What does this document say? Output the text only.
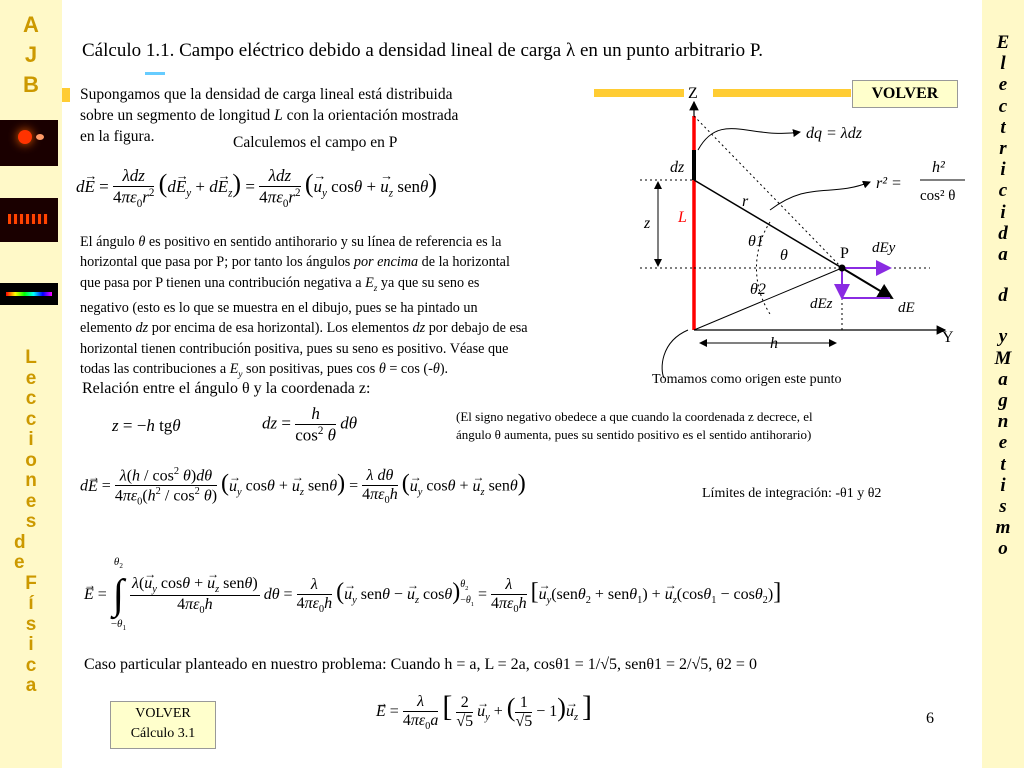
A
J
B
L
e
c
c
i
o
n
e
s
d
e
F
í
s
i
c
a
E
l
e
c
t
r
i
c
i
d
a
d
y
M
a
g
n
e
t
i
s
m
o
Cálculo 1.1. Campo eléctrico debido a densidad lineal de carga λ en un punto arbitrario P.
VOLVER
Supongamos que la densidad de carga lineal está distribuida
sobre un segmento de longitud L con la orientación mostrada
en la figura.	Calculemos el campo en P
d→ E =
λdz
$4\pi\varepsilon_0r^2$ $(d\to E_y + d\to E_z)$ =
λdz
$4\pi\varepsilon_0r^2$ (→ $u_y$ cosθ + → $u_z$ senθ)
El ángulo θ es positivo en sentido antihorario y su línea de referencia es la
horizontal que pasa por P; por tanto los ángulos por encima de la horizontal
que pasa por P tienen una contribución negativa a $E_z$ ya que su seno es
negativo (esto es lo que se muestra en el dibujo, pues se ha pintado un
elemento dz por encima de esa horizontal). Los elementos dz por debajo de esa
horizontal tienen contribución positiva, pues su seno es positivo. Véase que
todas las contribuciones a $E_y$ son positivas, pues cos θ = cos (-θ).
Relación entre el ángulo θ y la coordenada z:
z = −h tgθ	dz = $\frac{h}{\cos^2 \theta}$ dθ	(El signo negativo obedece a que cuando la coordenada z decrece, el
ángulo θ aumenta, pues su sentido positivo es el sentido antihorario)
$d\to E = \frac{\lambda(h / \cos^2 \theta)d\theta}{4\pi\varepsilon_0(h^2 / \cos^2 \theta)}$ (→ $u_y$ cosθ + → $u_z$ $sen\theta) = \frac{\text{λ dθ}}{4\pi\varepsilon_0h}$ (→ $u_y$ cosθ + → $u_z$ senθ)	Límites de integración: -θ1 y θ2
→ E =
$\theta_2$
∫
$-\theta_1$

$\lambda(\to u_y$ cosθ + → $u_z$ senθ)
$4\pi\varepsilon_0h$
$d\theta = \frac{\lambda}{4\pi\varepsilon_0h}$ (→ $u_y$ senθ − → $u_z$ cosθ) $\theta_2$
$-\theta_1$
= $\frac{\lambda}{4\pi\varepsilon_0h}$ [→ $u_y(sen\theta_2 + sen\theta_1)$ + → $u_z(\cos\theta_1 - \cos\theta_2)$]
Caso particular planteado en nuestro problema: Cuando h = a, L = 2a, cosθ1 = 1/√5, senθ1 = 2/√5, θ2 = 0
→ $E = \frac{\lambda}{4\pi\varepsilon_0a}$ [ $\frac{2}{√5}$
→ $u_y$ + ( $\frac{1}{√5} - 1)\to u_z$ ]
VOLVER
Cálculo 3.1
6
Z
Y
dz
z L
r
h
P
dq = λdz
θ
θ1
θ2
dEy
dEz	dE
r² =
h²
cos² θ
Tomamos como origen este punto
